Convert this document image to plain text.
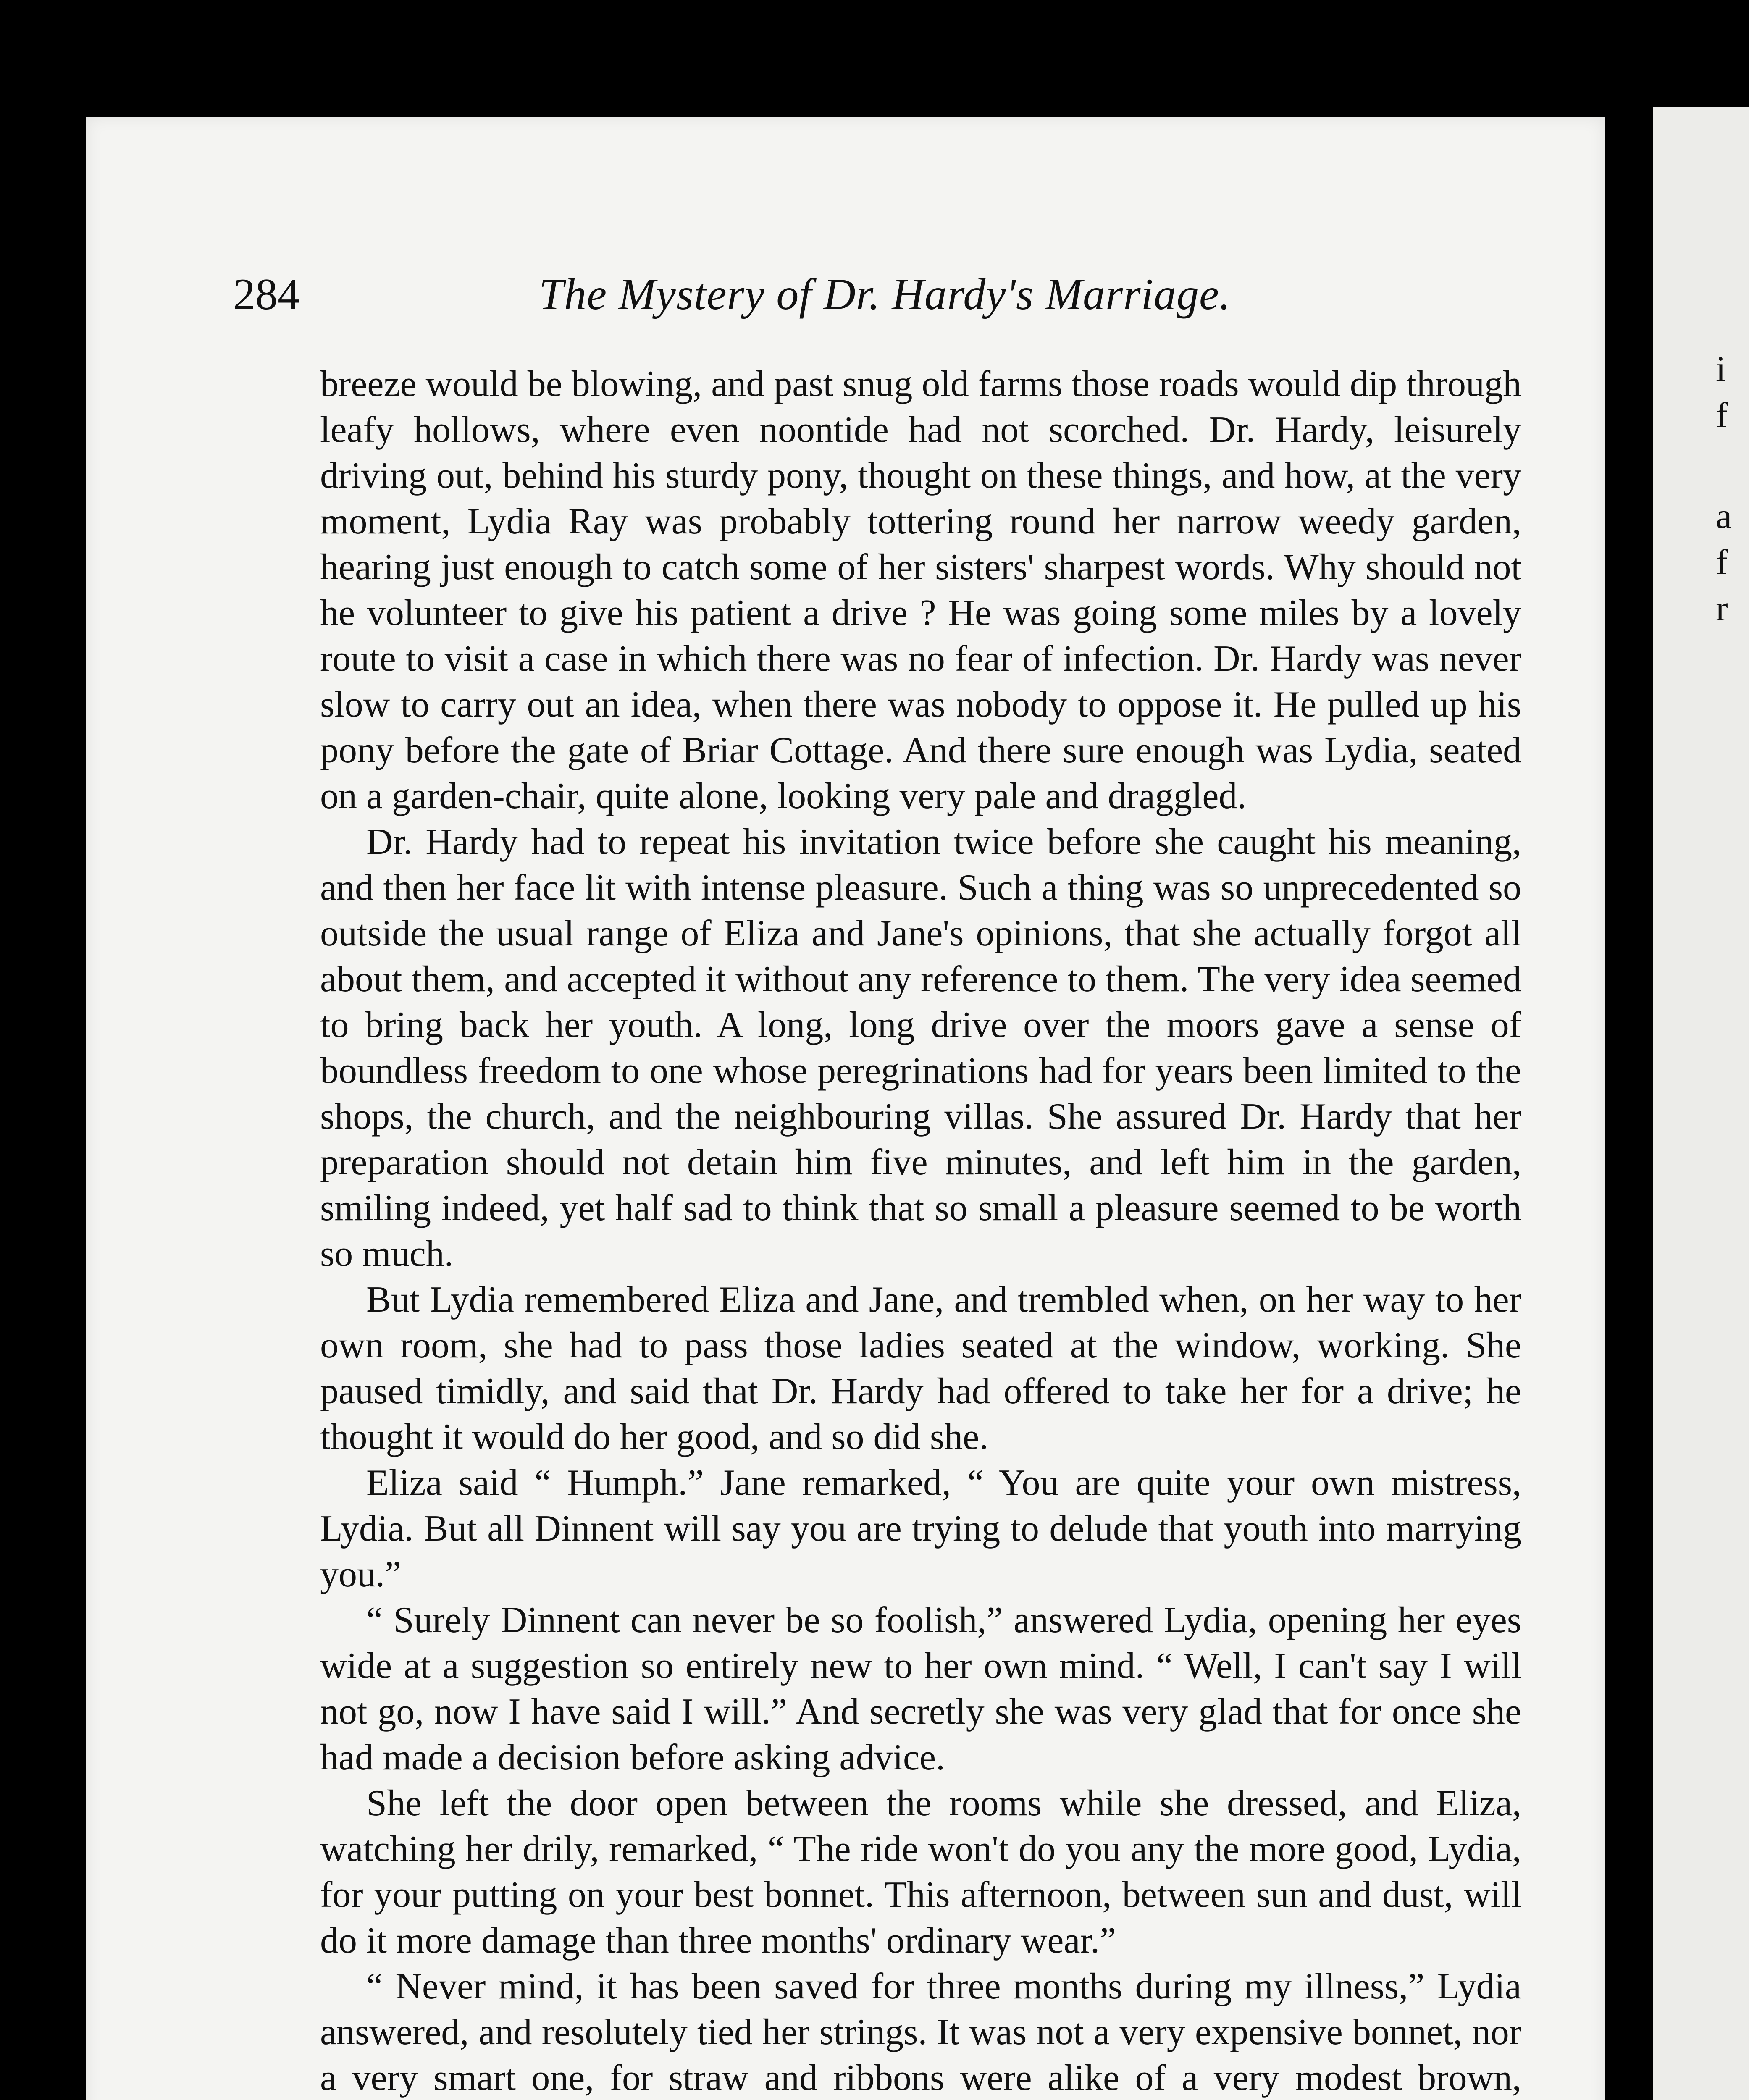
i
f
a
f
r
284	The Mystery of Dr. Hardy's Marriage.

breeze would be blowing, and past snug old farms those roads would dip through leafy hollows, where even noontide had not scorched. Dr. Hardy, leisurely driving out, behind his sturdy pony, thought on these things, and how, at the very moment, Lydia Ray was probably tottering round her narrow weedy garden, hearing just enough to catch some of her sisters' sharpest words. Why should not he volunteer to give his patient a drive ? He was going some miles by a lovely route to visit a case in which there was no fear of infection. Dr. Hardy was never slow to carry out an idea, when there was nobody to oppose it. He pulled up his pony before the gate of Briar Cottage. And there sure enough was Lydia, seated on a garden-chair, quite alone, looking very pale and draggled.

Dr. Hardy had to repeat his invitation twice before she caught his meaning, and then her face lit with intense pleasure. Such a thing was so unprecedented so outside the usual range of Eliza and Jane's opinions, that she actually forgot all about them, and accepted it without any reference to them. The very idea seemed to bring back her youth. A long, long drive over the moors gave a sense of boundless freedom to one whose peregrinations had for years been limited to the shops, the church, and the neighbouring villas. She assured Dr. Hardy that her preparation should not detain him five minutes, and left him in the garden, smiling indeed, yet half sad to think that so small a pleasure seemed to be worth so much.

But Lydia remembered Eliza and Jane, and trembled when, on her way to her own room, she had to pass those ladies seated at the window, working. She paused timidly, and said that Dr. Hardy had offered to take her for a drive; he thought it would do her good, and so did she.

Eliza said “ Humph.” Jane remarked, “ You are quite your own mistress, Lydia. But all Dinnent will say you are trying to delude that youth into marrying you.”

“ Surely Dinnent can never be so foolish,” answered Lydia, opening her eyes wide at a suggestion so entirely new to her own mind. “ Well, I can't say I will not go, now I have said I will.” And secretly she was very glad that for once she had made a decision before asking advice.

She left the door open between the rooms while she dressed, and Eliza, watching her drily, remarked, “ The ride won't do you any the more good, Lydia, for your putting on your best bonnet. This afternoon, between sun and dust, will do it more damage than three months' ordinary wear.”

“ Never mind, it has been saved for three months during my illness,” Lydia answered, and resolutely tied her strings. It was not a very expensive bonnet, nor a very smart one, for straw and ribbons were alike of a very modest brown,
